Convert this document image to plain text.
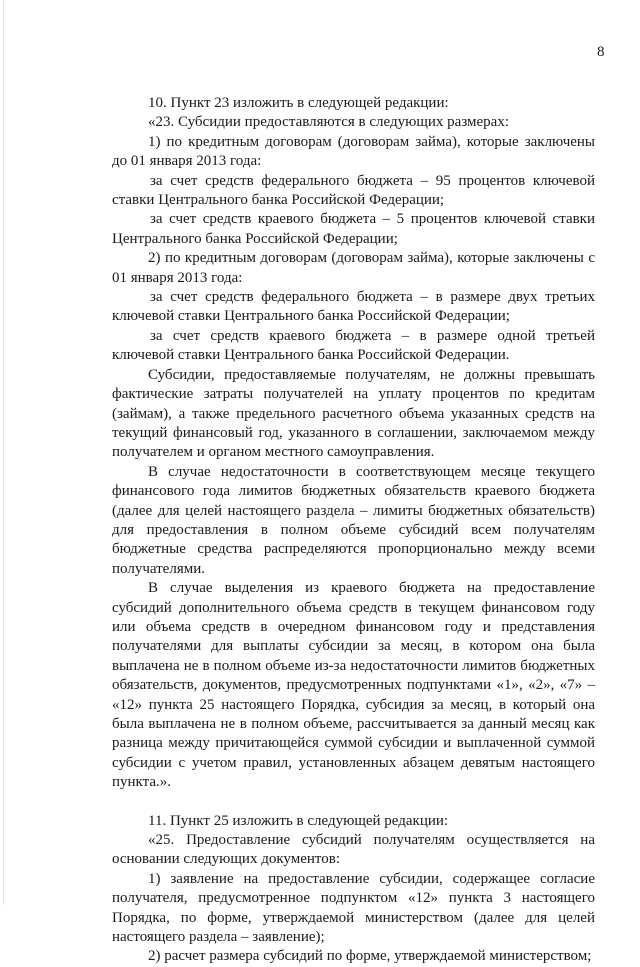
8

10. Пункт 23 изложить в следующей редакции:

«23. Субсидии предоставляются в следующих размерах:

1) по кредитным договорам (договорам займа), которые заключены до 01 января 2013 года:

за счет средств федерального бюджета – 95 процентов ключевой ставки Центрального банка Российской Федерации;

за счет средств краевого бюджета – 5 процентов ключевой ставки Центрального банка Российской Федерации;

2) по кредитным договорам (договорам займа), которые заключены с 01 января 2013 года:

за счет средств федерального бюджета – в размере двух третьих ключевой ставки Центрального банка Российской Федерации;

за счет средств краевого бюджета – в размере одной третьей ключевой ставки Центрального банка Российской Федерации.

Субсидии, предоставляемые получателям, не должны превышать фактические затраты получателей на уплату процентов по кредитам (займам), а также предельного расчетного объема указанных средств на текущий финансовый год, указанного в соглашении, заключаемом между получателем и органом местного самоуправления.

В случае недостаточности в соответствующем месяце текущего финансового года лимитов бюджетных обязательств краевого бюджета (далее для целей настоящего раздела – лимиты бюджетных обязательств) для предоставления в полном объеме субсидий всем получателям бюджетные средства распределяются пропорционально между всеми получателями.

В случае выделения из краевого бюджета на предоставление субсидий дополнительного объема средств в текущем финансовом году или объема средств в очередном финансовом году и представления получателями для выплаты субсидии за месяц, в котором она была выплачена не в полном объеме из-за недостаточности лимитов бюджетных обязательств, документов, предусмотренных подпунктами «1», «2», «7» – «12» пункта 25 настоящего Порядка, субсидия за месяц, в который она была выплачена не в полном объеме, рассчитывается за данный месяц как разница между причитающейся суммой субсидии и выплаченной суммой субсидии с учетом правил, установленных абзацем девятым настоящего пункта.».

11. Пункт 25 изложить в следующей редакции:

«25. Предоставление субсидий получателям осуществляется на основании следующих документов:

1) заявление на предоставление субсидии, содержащее согласие получателя, предусмотренное подпунктом «12» пункта 3 настоящего Порядка, по форме, утверждаемой министерством (далее для целей настоящего раздела – заявление);

2) расчет размера субсидий по форме, утверждаемой министерством;
